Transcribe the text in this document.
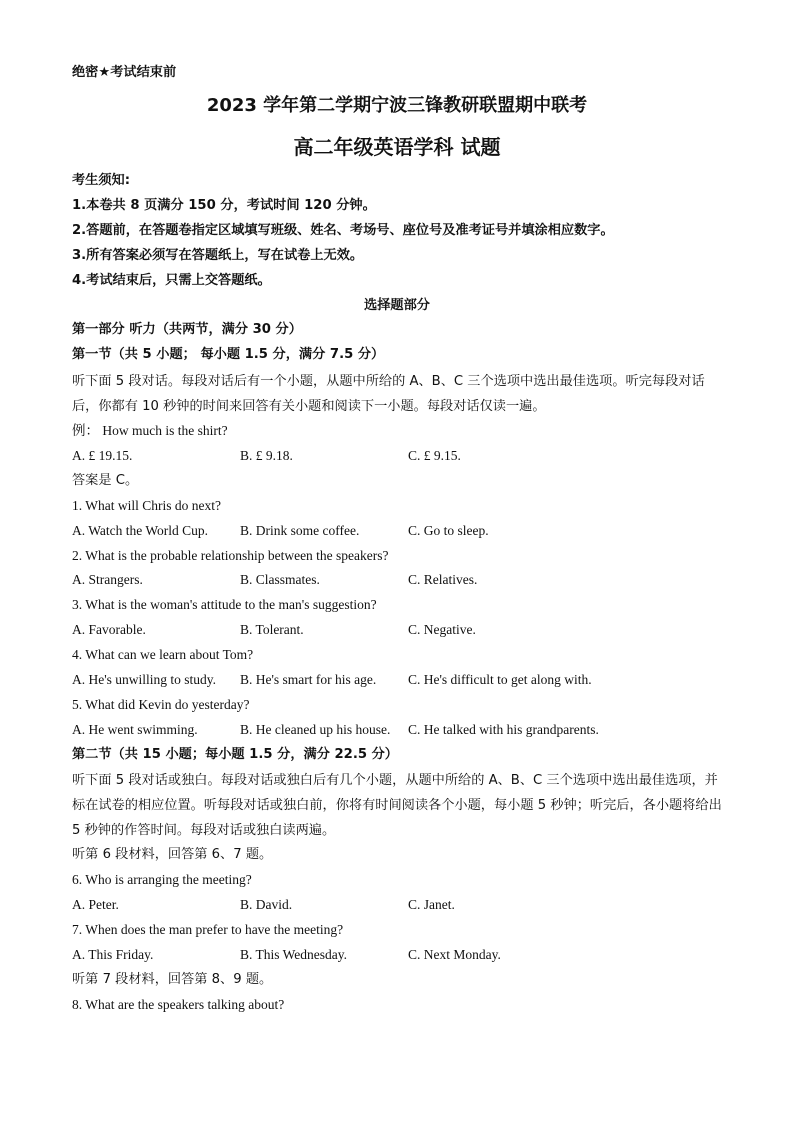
绝密★考试结束前
2023 学年第二学期宁波三锋教研联盟期中联考
高二年级英语学科 试题
考生须知:
1.本卷共 8 页满分 150 分，考试时间 120 分钟。
2.答题前，在答题卷指定区域填写班级、姓名、考场号、座位号及准考证号并填涂相应数字。
3.所有答案必须写在答题纸上，写在试卷上无效。
4.考试结束后，只需上交答题纸。
选择题部分
第一部分 听力（共两节，满分 30 分）
第一节（共 5 小题； 每小题 1.5 分，满分 7.5 分）
听下面 5 段对话。每段对话后有一个小题，从题中所给的 A、B、C 三个选项中选出最佳选项。听完每段对话后，你都有 10 秒钟的时间来回答有关小题和阅读下一小题。每段对话仅读一遍。
例： How much is the shirt?
A. £ 19.15.	B. £ 9.18.	C. £ 9.15.
答案是 C。
1. What will Chris do next?
A. Watch the World Cup. B. Drink some coffee.	C. Go to sleep.
2. What is the probable relationship between the speakers?
A. Strangers.	B. Classmates.	C. Relatives.
3. What is the woman's attitude to the man's suggestion?
A. Favorable.	B. Tolerant.	C. Negative.
4. What can we learn about Tom?
A. He's unwilling to study. B. He's smart for his age. C. He's difficult to get along with.
5. What did Kevin do yesterday?
A. He went swimming.	B. He cleaned up his house. C. He talked with his grandparents.
第二节（共 15 小题；每小题 1.5 分，满分 22.5 分）
听下面 5 段对话或独白。每段对话或独白后有几个小题，从题中所给的 A、B、C 三个选项中选出最佳选项，并标在试卷的相应位置。听每段对话或独白前，你将有时间阅读各个小题，每小题 5 秒钟；听完后，各小题将给出 5 秒钟的作答时间。每段对话或独白读两遍。
听第 6 段材料，回答第 6、7 题。
6. Who is arranging the meeting?
A. Peter.	B. David.	C. Janet.
7. When does the man prefer to have the meeting?
A. This Friday.	B. This Wednesday.	C. Next Monday.
听第 7 段材料，回答第 8、9 题。
8. What are the speakers talking about?
